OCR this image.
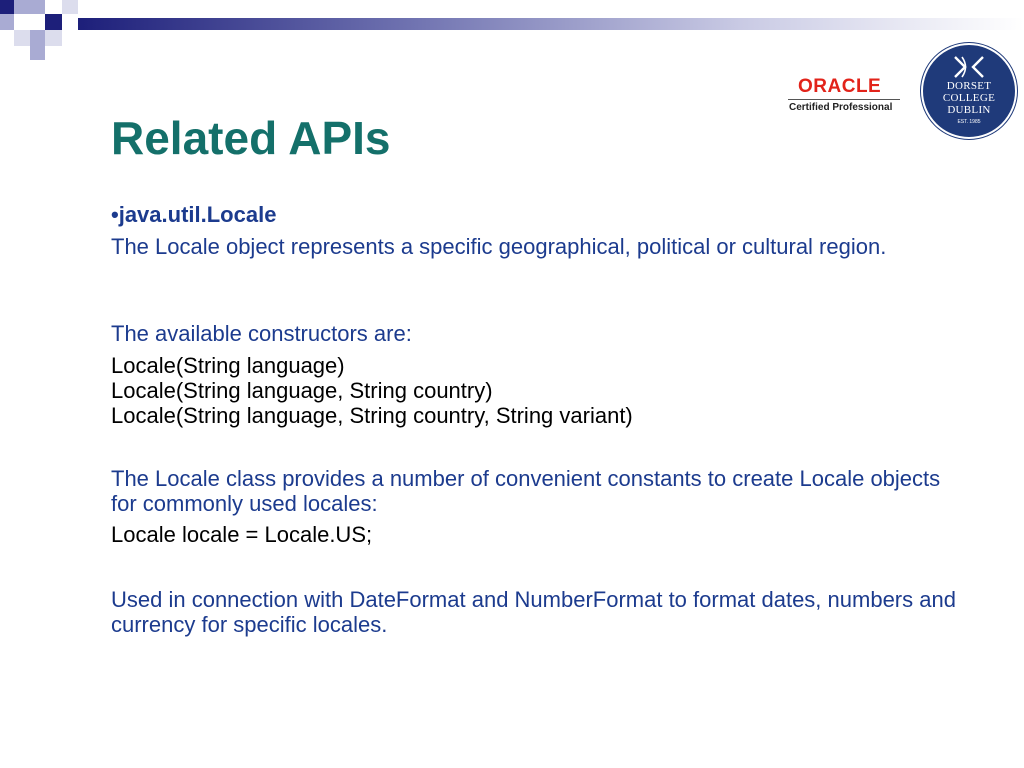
ORACLE
Certified Professional
DORSET
COLLEGE
DUBLIN
EST. 1985
Related APIs

•java.util.Locale

The Locale object represents a specific geographical, political or cultural region.

The available constructors are:

Locale(String language)

Locale(String language, String country)

Locale(String language, String country, String variant)

The Locale class provides a number of convenient constants to create Locale objects for commonly used locales:

Locale locale = Locale.US;

Used in connection with DateFormat and NumberFormat to format dates, numbers and currency for specific locales.
